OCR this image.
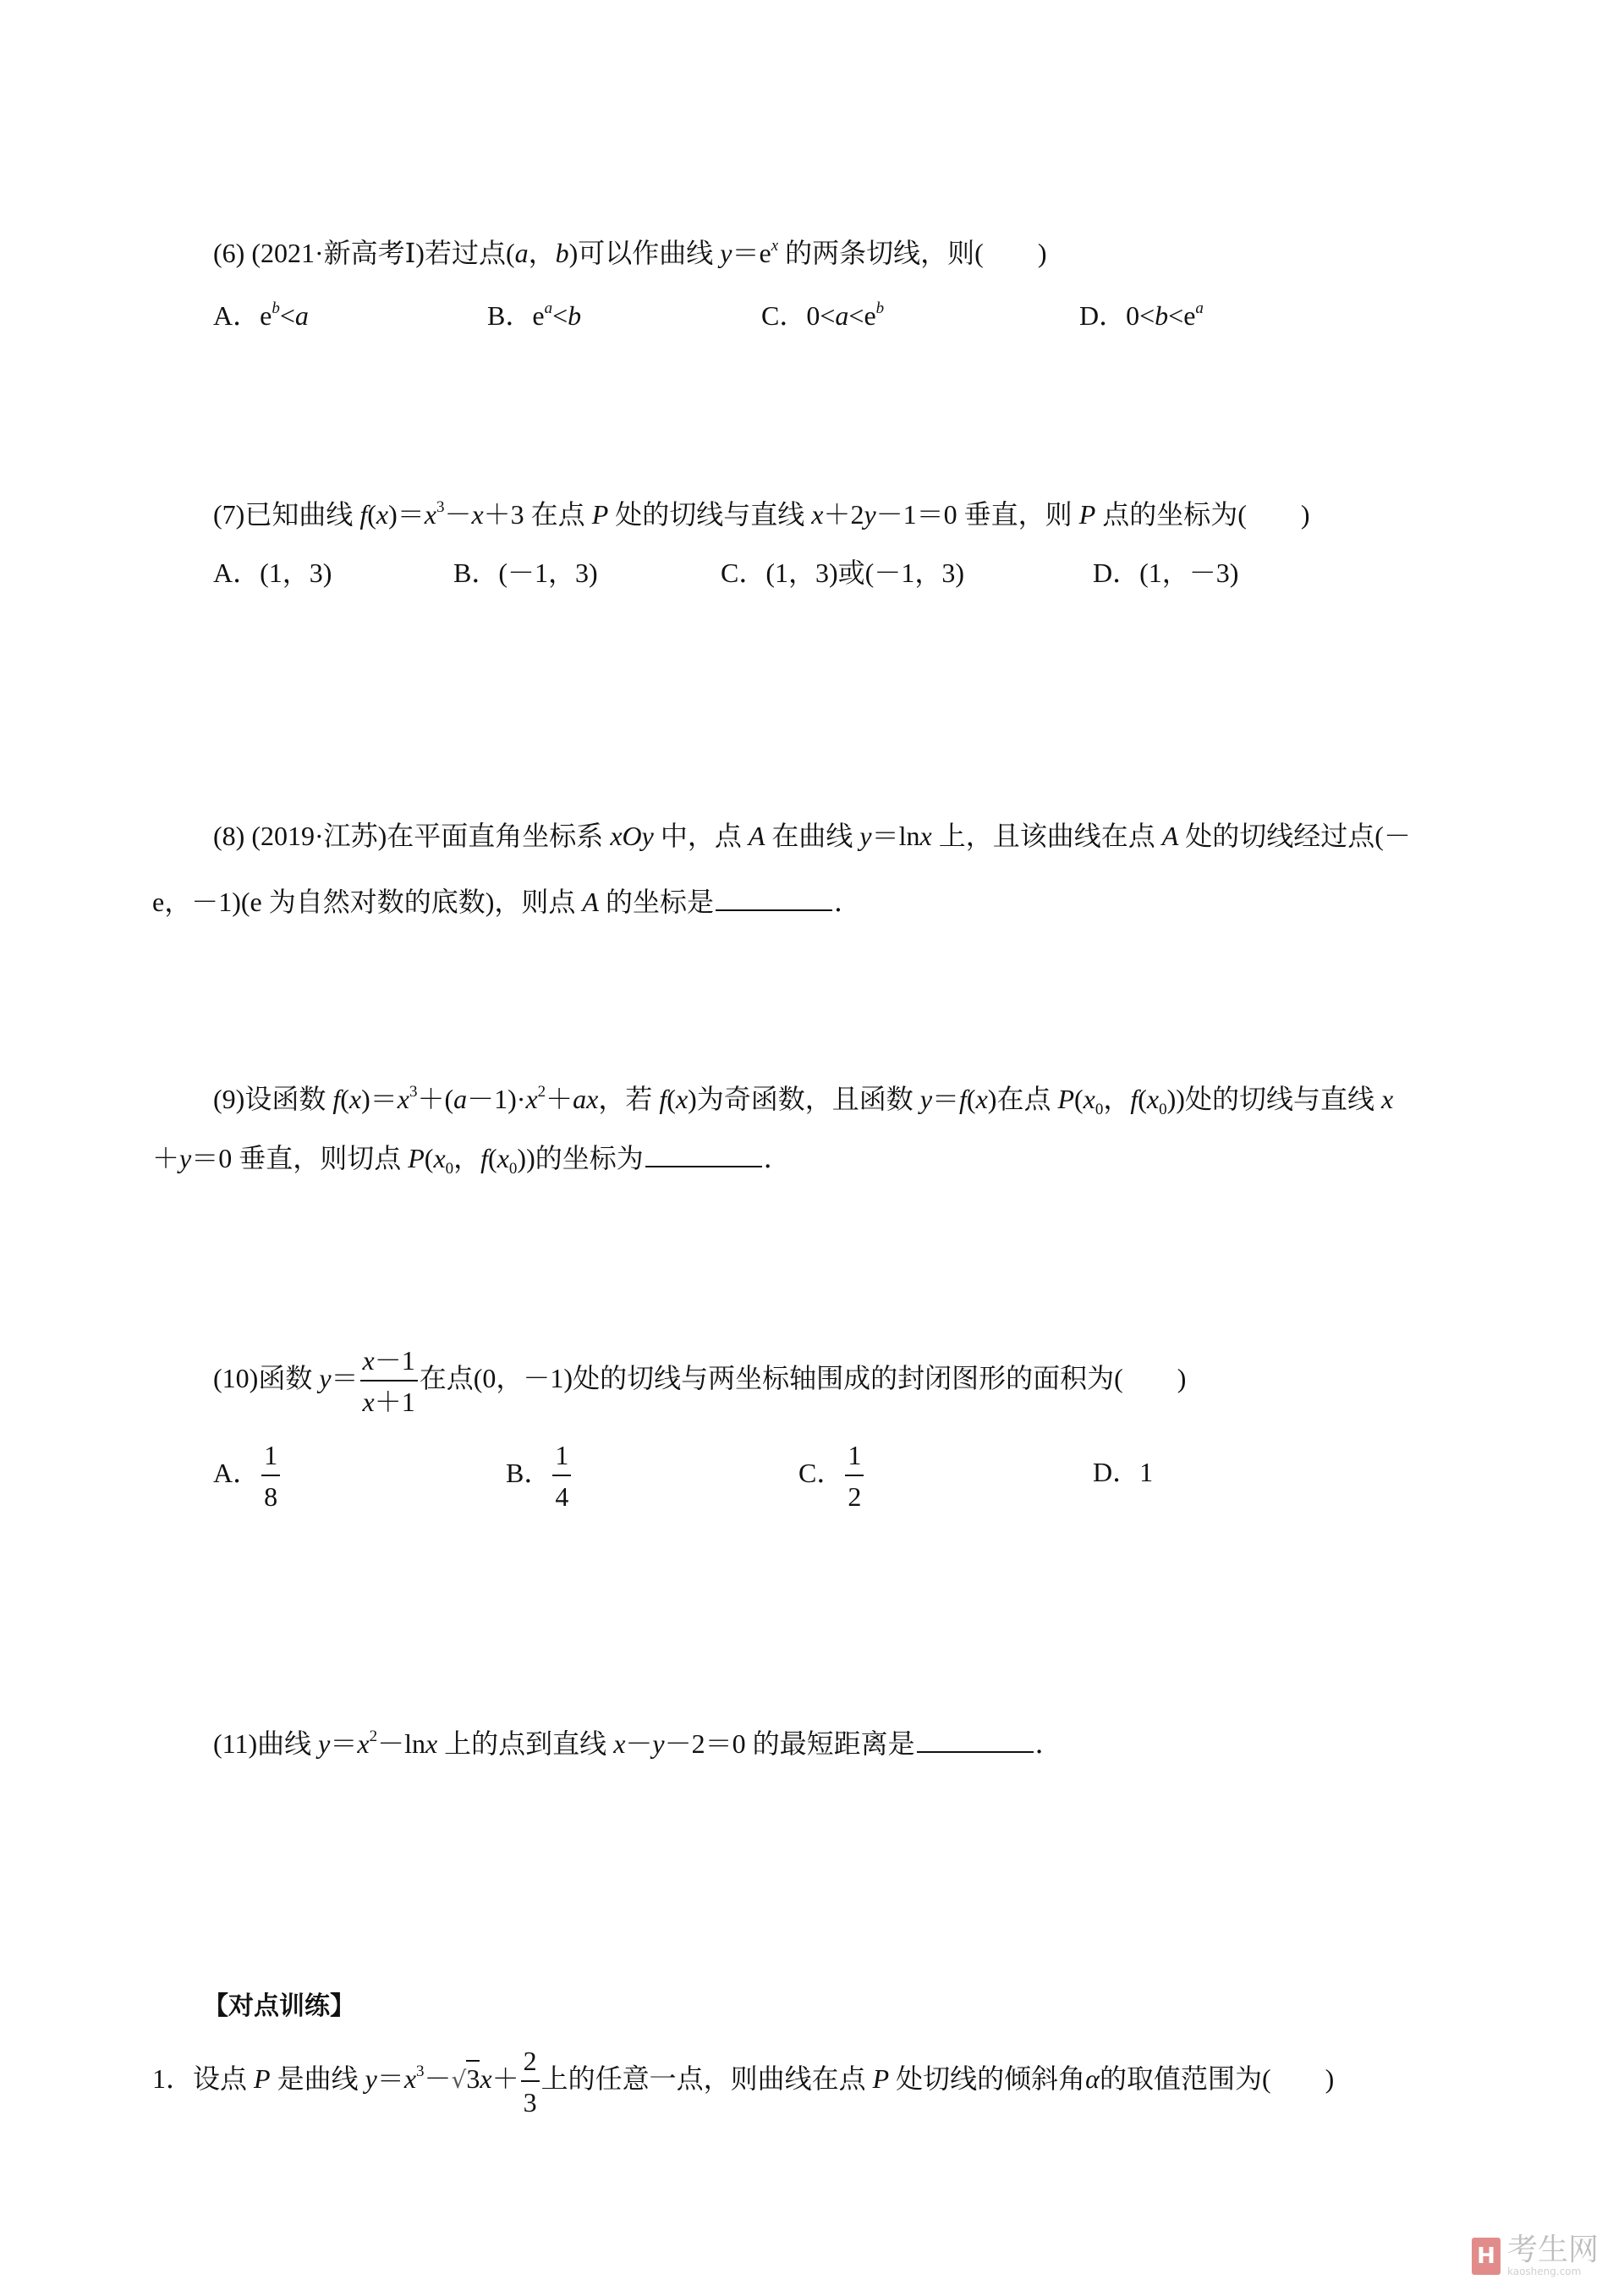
(6) (2021·新高考Ⅰ)若过点(a，b)可以作曲线 $y=e^x$ 的两条切线，则(　　)
A．$e^b<a$	B．$e^a<b$	C．$0<a<e^b$	D．$0<b<e^a$
(7)已知曲线 $f(x)=x^3-x+3$ 在点 P 处的切线与直线 x＋2y－1＝0 垂直，则 P 点的坐标为(　　)
A．(1，3)	B．(－1，3)	C．(1，3)或(－1，3)	D．(1，－3)
(8) (2019·江苏)在平面直角坐标系 xOy 中，点 A 在曲线 y＝lnx 上，且该曲线在点 A 处的切线经过点(－
e，－1)(e 为自然对数的底数)，则点 A 的坐标是	．
(9)设函数 $f(x)=x^3+(a-1)\cdot x^2+ax$，若 f(x)为奇函数，且函数 y＝f(x)在点 $P(x_0$，$f(x_0)$)处的切线与直线 x
＋y＝0 垂直，则切点 $P(x_0$，$f(x_0)$)的坐标为	．
(10)函数 $y= \frac{x-1}{x+1}$ 在点(0，－1)处的切线与两坐标轴围成的封闭图形的面积为(　　)
A． $\frac{1}{8}$	B． $\frac{1}{4}$	C． $\frac{1}{2}$	D．1
(11)曲线 $y=x^2-\ln x$ 上的点到直线 x－y－2＝0 的最短距离是	．
【对点训练】
1．设点 P 是曲线 $y=x^3-√3x+ \frac{2}{3}$ 上的任意一点，则曲线在点 P 处切线的倾斜角α的取值范围为(　　)
H 考生网
kaosheng.com
